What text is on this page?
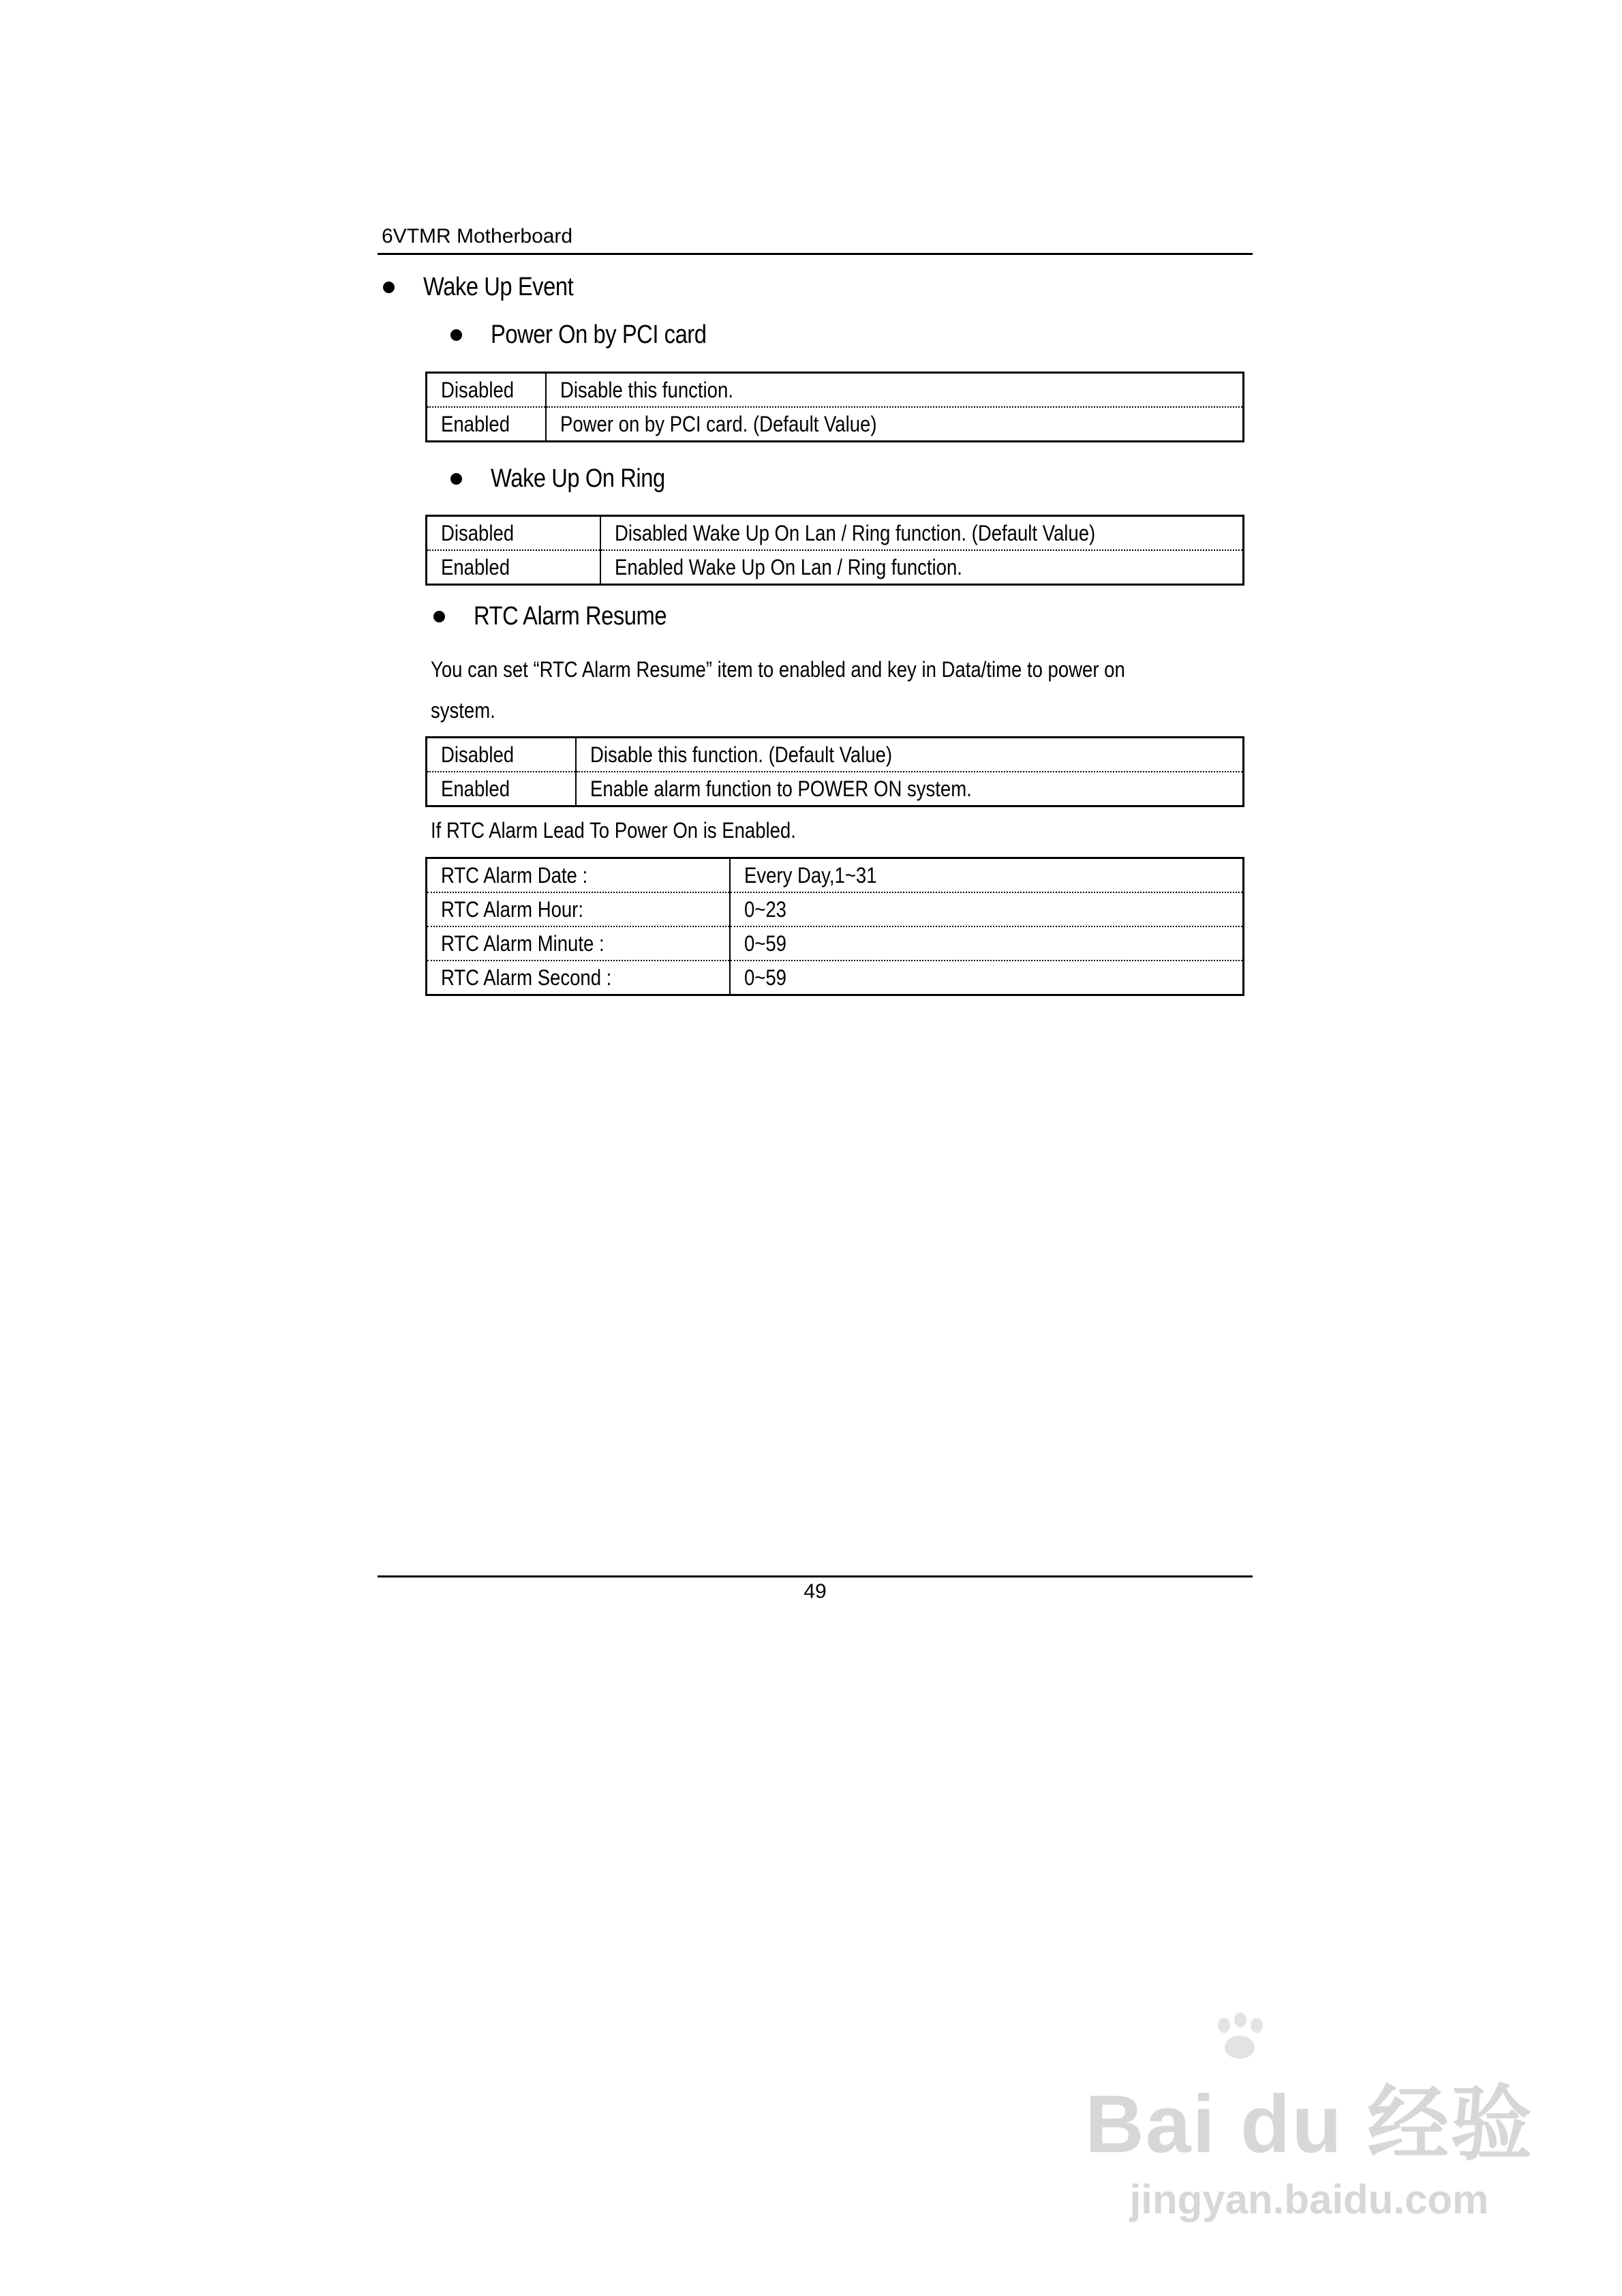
6VTMR Motherboard
Wake Up Event
Power On by PCI card
Disabled	Disable this function.
Enabled	Power on by PCI card. (Default Value)
Wake Up On Ring
Disabled	Disabled Wake Up On Lan / Ring function. (Default Value)
Enabled	Enabled Wake Up On Lan / Ring function.
RTC Alarm Resume
You can set “RTC Alarm Resume” item to enabled and key in Data/time to power on
system.
Disabled	Disable this function. (Default Value)
Enabled	Enable alarm function to POWER ON system.
If RTC Alarm Lead To Power On is Enabled.
RTC Alarm Date :	Every Day,1~31
RTC Alarm Hour:	0~23
RTC Alarm Minute :	0~59
RTC Alarm Second :	0~59
49
Bai du 经验
jingyan.baidu.com
